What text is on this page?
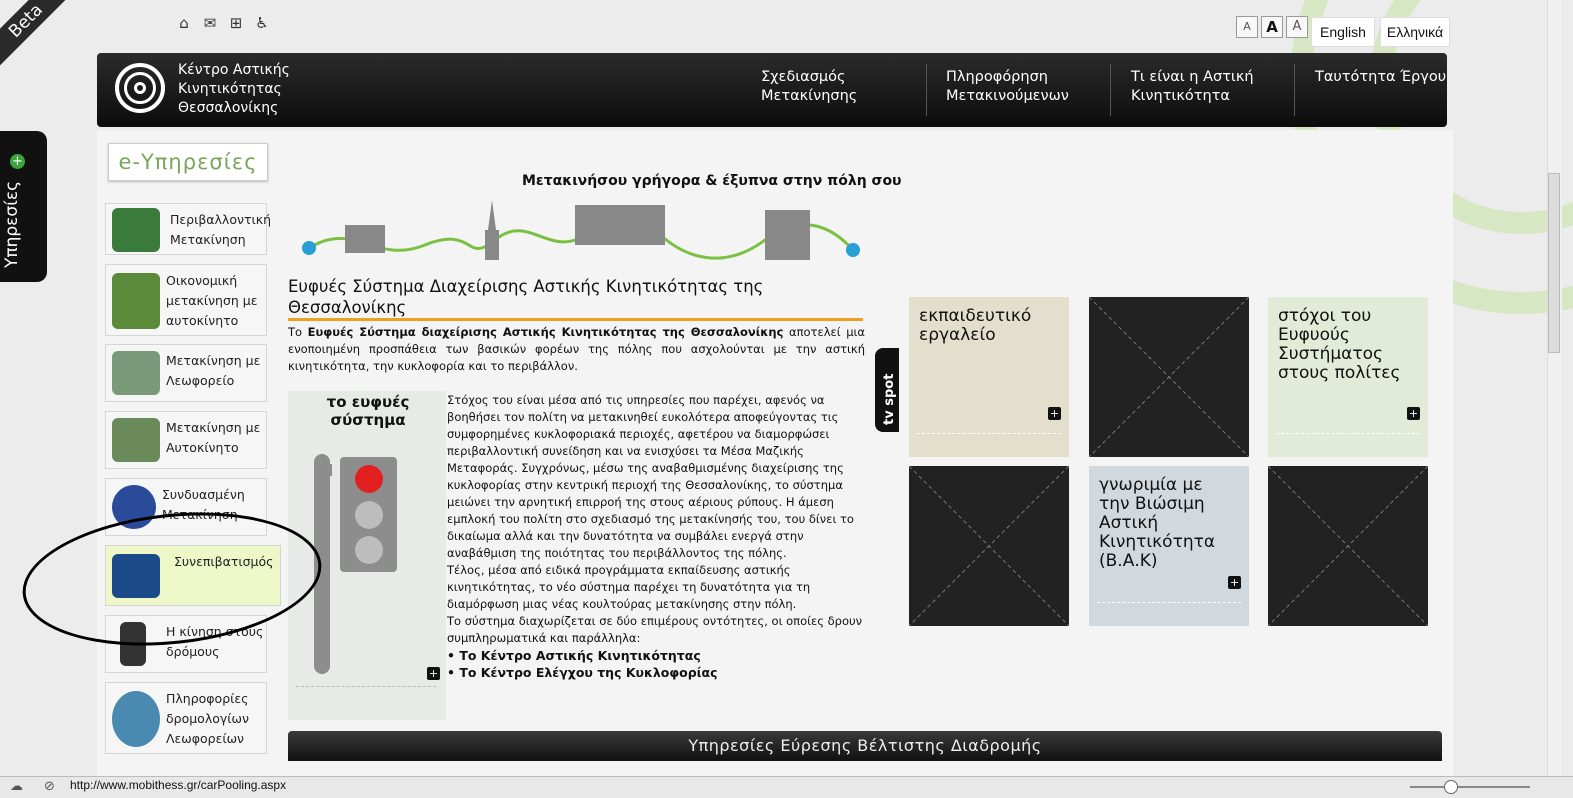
Beta	⌂ ✉ ⊞ ♿	A	A	A	English	Ελληνικά
Κέντρο Αστικής
Κινητικότητας
Θεσσαλονίκης
Σχεδιασμός
Μετακίνησης
Πληροφόρηση
Μετακινούμενων
Τι είναι η Αστική
Κινητικότητα
Ταυτότητα Έργου
+
Υπηρεσίες
e-Υπηρεσίες
Περιβαλλοντική
Μετακίνηση
Οικονομική
μετακίνηση με
αυτοκίνητο
Μετακίνηση με
Λεωφορείο
Μετακίνηση με
Αυτοκίνητο
Συνδυασμένη
Μετακίνηση
Συνεπιβατισμός
Η κίνηση στους
δρόμους
Πληροφορίες
δρομολογίων
Λεωφορείων
Μετακινήσου γρήγορα & έξυπνα στην πόλη σου
Ευφυές Σύστημα Διαχείρισης Αστικής Κινητικότητας της Θεσσαλονίκης
Το Ευφυές Σύστημα διαχείρισης Αστικής Κινητικότητας της Θεσσαλονίκης αποτελεί μια ενοποιημένη προσπάθεια των βασικών φορέων της πόλης που ασχολούνται με την αστική κινητικότητα, την κυκλοφορία και το περιβάλλον.
το ευφυές σύστημα
+
Στόχος του είναι μέσα από τις υπηρεσίες που παρέχει, αφενός να βοηθήσει τον πολίτη να μετακινηθεί ευκολότερα αποφεύγοντας τις συμφορημένες κυκλοφοριακά περιοχές, αφετέρου να διαμορφώσει περιβαλλοντική συνείδηση και να ενισχύσει τα Μέσα Μαζικής Μεταφοράς. Συγχρόνως, μέσω της αναβαθμισμένης διαχείρισης της κυκλοφορίας στην κεντρική περιοχή της Θεσσαλονίκης, το σύστημα μειώνει την αρνητική επιρροή της στους αέριους ρύπους. Η άμεση εμπλοκή του πολίτη στο σχεδιασμό της μετακίνησής του, του δίνει το δικαίωμα αλλά και την δυνατότητα να συμβάλει ενεργά στην αναβάθμιση της ποιότητας του περιβάλλοντος της πόλης.
Τέλος, μέσα από ειδικά προγράμματα εκπαίδευσης αστικής κινητικότητας, το νέο σύστημα παρέχει τη δυνατότητα για τη διαμόρφωση μιας νέας κουλτούρας μετακίνησης στην πόλη.
Το σύστημα διαχωρίζεται σε δύο επιμέρους οντότητες, οι οποίες δρουν συμπληρωματικά και παράλληλα:
• Το Κέντρο Αστικής Κινητικότητας
• Το Κέντρο Ελέγχου της Κυκλοφορίας
tv spot
εκπαιδευτικό
εργαλείο
+
στόχοι του
Ευφυούς
Συστήματος
στους πολίτες
+
γνωριμία με
την Βιώσιμη
Αστική
Κινητικότητα
(Β.Α.Κ)
+
Υπηρεσίες Εύρεσης Βέλτιστης Διαδρομής
☁ ⊘ http://www.mobithess.gr/carPooling.aspx
